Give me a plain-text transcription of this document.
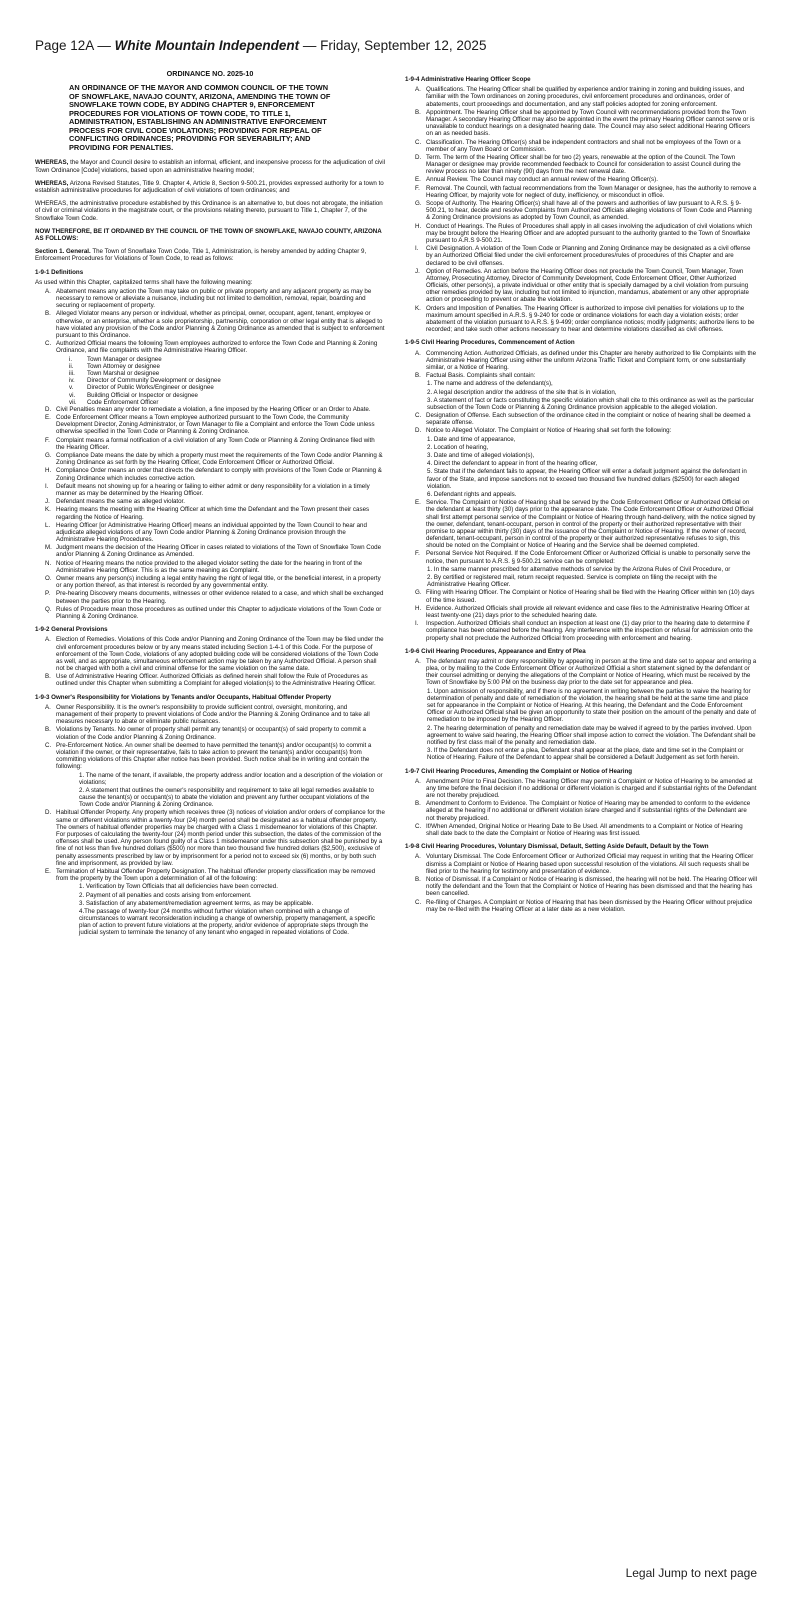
Page 12A — White Mountain Independent — Friday, September 12, 2025
ORDINANCE NO. 2025-10
AN ORDINANCE OF THE MAYOR AND COMMON COUNCIL OF THE TOWN
OF SNOWFLAKE, NAVAJO COUNTY, ARIZONA, AMENDING THE TOWN OF
SNOWFLAKE TOWN CODE, BY ADDING CHAPTER 9, ENFORCEMENT
PROCEDURES FOR VIOLATIONS OF TOWN CODE, TO TITLE 1,
ADMINISTRATION, ESTABLISHING AN ADMINISTRATIVE ENFORCEMENT
PROCESS FOR CIVIL CODE VIOLATIONS; PROVIDING FOR REPEAL OF
CONFLICTING ORDINANCES; PROVIDING FOR SEVERABILITY; AND
PROVIDING FOR PENALTIES.

WHEREAS, the Mayor and Council desire to establish an informal, efficient, and inexpensive process for the adjudication of civil Town Ordinance [Code] violations, based upon an administrative hearing model;

WHEREAS, Arizona Revised Statutes, Title 9. Chapter 4, Article 8, Section 9-500.21, provides expressed authority for a town to establish administrative procedures for adjudication of civil violations of town ordinances; and

WHEREAS, the administrative procedure established by this Ordinance is an alternative to, but does not abrogate, the initiation of civil or criminal violations in the magistrate court, or the provisions relating thereto, pursuant to Title 1, Chapter 7, of the Snowflake Town Code.

NOW THEREFORE, BE IT ORDAINED BY THE COUNCIL OF THE TOWN OF SNOWFLAKE, NAVAJO COUNTY, ARIZONA AS FOLLOWS:

Section 1. General. The Town of Snowflake Town Code, Title 1, Administration, is hereby amended by adding Chapter 9, Enforcement Procedures for Violations of Town Code, to read as follows:

1-9-1 Definitions
As used within this Chapter, capitalized terms shall have the following meaning:
A. Abatement means any action the Town may take on public or private property and any adjacent property as may be necessary to remove or alleviate a nuisance, including but not limited to demolition, removal, repair, boarding and securing or replacement of property.
B. Alleged Violator means any person or individual, whether as principal, owner, occupant, agent, tenant, employee or otherwise, or an enterprise, whether a sole proprietorship, partnership, corporation or other legal entity that is alleged to have violated any provision of the Code and/or Planning & Zoning Ordinance as amended that is subject to enforcement pursuant to this Ordinance.
C. Authorized Official means the following Town employees authorized to enforce the Town Code and Planning & Zoning Ordinance, and file complaints with the Administrative Hearing Officer.
i.	Town Manager or designee
ii.	Town Attorney or designee
iii.	Town Marshal or designee
iv.	Director of Community Development or designee
v.	Director of Public Works/Engineer or designee
vi.	Building Official or Inspector or designee
vii.	Code Enforcement Officer
D. Civil Penalties mean any order to remediate a violation, a fine imposed by the Hearing Officer or an Order to Abate.
E. Code Enforcement Officer means a Town employee authorized pursuant to the Town Code, the Community Development Director, Zoning Administrator, or Town Manager to file a Complaint and enforce the Town Code unless otherwise specified in the Town Code or Planning & Zoning Ordinance.
F. Complaint means a formal notification of a civil violation of any Town Code or Planning & Zoning Ordinance filed with the Hearing Officer.
G. Compliance Date means the date by which a property must meet the requirements of the Town Code and/or Planning & Zoning Ordinance as set forth by the Hearing Officer, Code Enforcement Officer or Authorized Official.
H. Compliance Order means an order that directs the defendant to comply with provisions of the Town Code or Planning & Zoning Ordinance which includes corrective action.
I.	Default means not showing up for a hearing or failing to either admit or deny responsibility for a violation in a timely manner as may be determined by the Hearing Officer.
J. Defendant means the same as alleged violator.
K. Hearing means the meeting with the Hearing Officer at which time the Defendant and the Town present their cases regarding the Notice of Hearing.
L. Hearing Officer [or Administrative Hearing Officer] means an individual appointed by the Town Council to hear and adjudicate alleged violations of any Town Code and/or Planning & Zoning Ordinance provision through the Administrative Hearing Procedures.
M. Judgment means the decision of the Hearing Officer in cases related to violations of the Town of Snowflake Town Code and/or Planning & Zoning Ordinance as Amended.
N. Notice of Hearing means the notice provided to the alleged violator setting the date for the hearing in front of the Administrative Hearing Officer. This is as the same meaning as Complaint.
O. Owner means any person(s) including a legal entity having the right of legal title, or the beneficial interest, in a property or any portion thereof, as that interest is recorded by any governmental entity.
P. Pre-hearing Discovery means documents, witnesses or other evidence related to a case, and which shall be exchanged between the parties prior to the Hearing.
Q. Rules of Procedure mean those procedures as outlined under this Chapter to adjudicate violations of the Town Code or Planning & Zoning Ordinance.
1-9-2 General Provisions
A. Election of Remedies. Violations of this Code and/or Planning and Zoning Ordinance of the Town may be filed under the civil enforcement procedures below or by any means stated including Section 1-4-1 of this Code. For the purpose of enforcement of the Town Code, violations of any adopted building code will be considered violations of the Town Code as well, and as appropriate, simultaneous enforcement action may be taken by any Authorized Official. A person shall not be charged with both a civil and criminal offense for the same violation on the same date.
B. Use of Administrative Hearing Officer. Authorized Officials as defined herein shall follow the Rule of Procedures as outlined under this Chapter when submitting a Complaint for alleged violation(s) to the Administrative Hearing Officer.
1-9-3 Owner's Responsibility for Violations by Tenants and/or Occupants, Habitual Offender Property
A. Owner Responsibility. It is the owner's responsibility to provide sufficient control, oversight, monitoring, and management of their property to prevent violations of Code and/or the Planning & Zoning Ordinance and to take all measures necessary to abate or eliminate public nuisances.
B. Violations by Tenants. No owner of property shall permit any tenant(s) or occupant(s) of said property to commit a violation of the Code and/or Planning & Zoning Ordinance.
C. Pre-Enforcement Notice. An owner shall be deemed to have permitted the tenant(s) and/or occupant(s) to commit a violation if the owner, or their representative, fails to take action to prevent the tenant(s) and/or occupant(s) from committing violations of this Chapter after notice has been provided. Such notice shall be in writing and contain the following:
1. The name of the tenant, if available, the property address and/or location and a description of the violation or violations;
2. A statement that outlines the owner's responsibility and requirement to take all legal remedies available to cause the tenant(s) or occupant(s) to abate the violation and prevent any further occupant violations of the Town Code and/or Planning & Zoning Ordinance.
D. Habitual Offender Property. Any property which receives three (3) notices of violation and/or orders of compliance for the same or different violations within a twenty-four (24) month period shall be designated as a habitual offender property. The owners of habitual offender properties may be charged with a Class 1 misdemeanor for violations of this Chapter. For purposes of calculating the twenty-four (24) month period under this subsection, the dates of the commission of the offenses shall be used. Any person found guilty of a Class 1 misdemeanor under this subsection shall be punished by a fine of not less than five hundred dollars ($500) nor more than two thousand five hundred dollars ($2,500), exclusive of penalty assessments prescribed by law or by imprisonment for a period not to exceed six (6) months, or by both such fine and imprisonment, as provided by law.
E. Termination of Habitual Offender Property Designation. The habitual offender property classification may be removed from the property by the Town upon a determination of all of the following:
1. Verification by Town Officials that all deficiencies have been corrected.
2. Payment of all penalties and costs arising from enforcement.
3. Satisfaction of any abatement/remediation agreement terms, as may be applicable.
4.The passage of twenty-four (24 months without further violation when combined with a change of circumstances to warrant reconsideration including a change of ownership, property management, a specific plan of action to prevent future violations at the property, and/or evidence of appropriate steps through the judicial system to terminate the tenancy of any tenant who engaged in repeated violations of Code.
1-9-4 Administrative Hearing Officer Scope
A. Qualifications. The Hearing Officer shall be qualified by experience and/or training in zoning and building issues, and familiar with the Town ordinances on zoning procedures, civil enforcement procedures and ordinances, order of abatements, court proceedings and documentation, and any staff policies adopted for zoning enforcement.
B. Appointment. The Hearing Officer shall be appointed by Town Council with recommendations provided from the Town Manager. A secondary Hearing Officer may also be appointed in the event the primary Hearing Officer cannot serve or is unavailable to conduct hearings on a designated hearing date. The Council may also select additional Hearing Officers on an as needed basis.
C. Classification. The Hearing Officer(s) shall be independent contractors and shall not be employees of the Town or a member of any Town Board or Commission.
D. Term. The term of the Hearing Officer shall be for two (2) years, renewable at the option of the Council. The Town Manager or designee may provide recommended feedback to Council for consideration to assist Council during the review process no later than ninety (90) days from the next renewal date.
E. Annual Review. The Council may conduct an annual review of the Hearing Officer(s).
F. Removal. The Council, with factual recommendations from the Town Manager or designee, has the authority to remove a Hearing Officer, by majority vote for neglect of duty, inefficiency, or misconduct in office.
G. Scope of Authority. The Hearing Officer(s) shall have all of the powers and authorities of law pursuant to A.R.S. § 9-500.21, to hear, decide and resolve Complaints from Authorized Officials alleging violations of Town Code and Planning & Zoning Ordinance provisions as adopted by Town Council, as amended.
H. Conduct of Hearings. The Rules of Procedures shall apply in all cases involving the adjudication of civil violations which may be brought before the Hearing Officer and are adopted pursuant to the authority granted to the Town of Snowflake pursuant to A.R.S 9-500.21.
I.	Civil Designation. A violation of the Town Code or Planning and Zoning Ordinance may be designated as a civil offense by an Authorized Official filed under the civil enforcement procedures/rules of procedures of this Chapter and are declared to be civil offenses.
J. Option of Remedies. An action before the Hearing Officer does not preclude the Town Council, Town Manager, Town Attorney, Prosecuting Attorney, Director of Community Development, Code Enforcement Officer, Other Authorized Officials, other person(s), a private individual or other entity that is specially damaged by a civil violation from pursuing other remedies provided by law, including but not limited to injunction, mandamus, abatement or any other appropriate action or proceeding to prevent or abate the violation.
K. Orders and Imposition of Penalties. The Hearing Officer is authorized to impose civil penalties for violations up to the maximum amount specified in A.R.S. § 9-240 for code or ordinance violations for each day a violation exists; order abatement of the violation pursuant to A.R.S. § 9-499; order compliance notices; modify judgments; authorize liens to be recorded; and take such other actions necessary to hear and determine violations classified as civil offenses.
1-9-5 Civil Hearing Procedures, Commencement of Action
A. Commencing Action. Authorized Officials, as defined under this Chapter are hereby authorized to file Complaints with the Administrative Hearing Officer using either the uniform Arizona Traffic Ticket and Complaint form, or one substantially similar, or a Notice of Hearing.
B. Factual Basis. Complaints shall contain:
1. The name and address of the defendant(s),
2. A legal description and/or the address of the site that is in violation,
3. A statement of fact or facts constituting the specific violation which shall cite to this ordinance as well as the particular subsection of the Town Code or Planning & Zoning Ordinance provision applicable to the alleged violation.
C. Designation of Offense. Each subsection of the ordinance cited in the complaint or notice of hearing shall be deemed a separate offense.
D. Notice to Alleged Violator. The Complaint or Notice of Hearing shall set forth the following:
1. Date and time of appearance,
2. Location of hearing,
3. Date and time of alleged violation(s),
4. Direct the defendant to appear in front of the hearing officer,
5. State that if the defendant fails to appear, the Hearing Officer will enter a default judgment against the defendant in favor of the State, and impose sanctions not to exceed two thousand five hundred dollars ($2500) for each alleged violation.
6. Defendant rights and appeals.
E. Service. The Complaint or Notice of Hearing shall be served by the Code Enforcement Officer or Authorized Official on the defendant at least thirty (30) days prior to the appearance date. The Code Enforcement Officer or Authorized Official shall first attempt personal service of the Complaint or Notice of Hearing through hand-delivery, with the notice signed by the owner, defendant, tenant-occupant, person in control of the property or their authorized representative with their promise to appear within thirty (30) days of the issuance of the Complaint or Notice of Hearing. If the owner of record, defendant, tenant-occupant, person in control of the property or their authorized representative refuses to sign, this should be noted on the Complaint or Notice of Hearing and the Service shall be deemed completed.
F. Personal Service Not Required. If the Code Enforcement Officer or Authorized Official is unable to personally serve the notice, then pursuant to A.R.S. § 9-500.21 service can be completed:
1. In the same manner prescribed for alternative methods of service by the Arizona Rules of Civil Procedure, or
2. By certified or registered mail, return receipt requested. Service is complete on filing the receipt with the Administrative Hearing Officer.
G. Filing with Hearing Officer. The Complaint or Notice of Hearing shall be filed with the Hearing Officer within ten (10) days of the time issued.
H. Evidence. Authorized Officials shall provide all relevant evidence and case files to the Administrative Hearing Officer at least twenty-one (21) days prior to the scheduled hearing date.
I.	Inspection. Authorized Officials shall conduct an inspection at least one (1) day prior to the hearing date to determine if compliance has been obtained before the hearing. Any interference with the inspection or refusal for admission onto the property shall not preclude the Authorized Official from proceeding with enforcement and hearing.
1-9-6 Civil Hearing Procedures, Appearance and Entry of Plea
A. The defendant may admit or deny responsibility by appearing in person at the time and date set to appear and entering a plea, or by mailing to the Code Enforcement Officer or Authorized Official a short statement signed by the defendant or their counsel admitting or denying the allegations of the Complaint or Notice of Hearing, which must be received by the Town of Snowflake by 5:00 PM on the business day prior to the date set for appearance and plea.
1. Upon admission of responsibility, and if there is no agreement in writing between the parties to waive the hearing for determination of penalty and date of remediation of the violation, the hearing shall be held at the same time and place set for appearance in the Complaint or Notice of Hearing. At this hearing, the Defendant and the Code Enforcement Officer or Authorized Official shall be given an opportunity to state their position on the amount of the penalty and date of remediation to be imposed by the Hearing Officer.
2. The hearing determination of penalty and remediation date may be waived if agreed to by the parties involved. Upon agreement to waive said hearing, the Hearing Officer shall impose action to correct the violation. The Defendant shall be notified by first class mail of the penalty and remediation date.
3. If the Defendant does not enter a plea, Defendant shall appear at the place, date and time set in the Complaint or Notice of Hearing. Failure of the Defendant to appear shall be considered a Default Judgement as set forth herein.
1-9-7 Civil Hearing Procedures, Amending the Complaint or Notice of Hearing
A. Amendment Prior to Final Decision. The Hearing Officer may permit a Complaint or Notice of Hearing to be amended at any time before the final decision if no additional or different violation is charged and if substantial rights of the Defendant are not thereby prejudiced.
B. Amendment to Conform to Evidence. The Complaint or Notice of Hearing may be amended to conform to the evidence alleged at the hearing if no additional or different violation is/are charged and if substantial rights of the Defendant are not thereby prejudiced.
C. If/When Amended, Original Notice or Hearing Date to Be Used. All amendments to a Complaint or Notice of Hearing shall date back to the date the Complaint or Notice of Hearing was first issued.
1-9-8 Civil Hearing Procedures, Voluntary Dismissal, Default, Setting Aside Default, Default by the Town
A. Voluntary Dismissal. The Code Enforcement Officer or Authorized Official may request in writing that the Hearing Officer dismiss a Complaint or Notice of Hearing based upon successful resolution of the violations. All such requests shall be filed prior to the hearing for testimony and presentation of evidence.
B. Notice of Dismissal. If a Complaint or Notice of Hearing is dismissed, the hearing will not be held. The Hearing Officer will notify the defendant and the Town that the Complaint or Notice of Hearing has been dismissed and that the hearing has been cancelled.
C. Re-filing of Charges. A Complaint or Notice of Hearing that has been dismissed by the Hearing Officer without prejudice may be re-filed with the Hearing Officer at a later date as a new violation.
Legal Jump to next page
